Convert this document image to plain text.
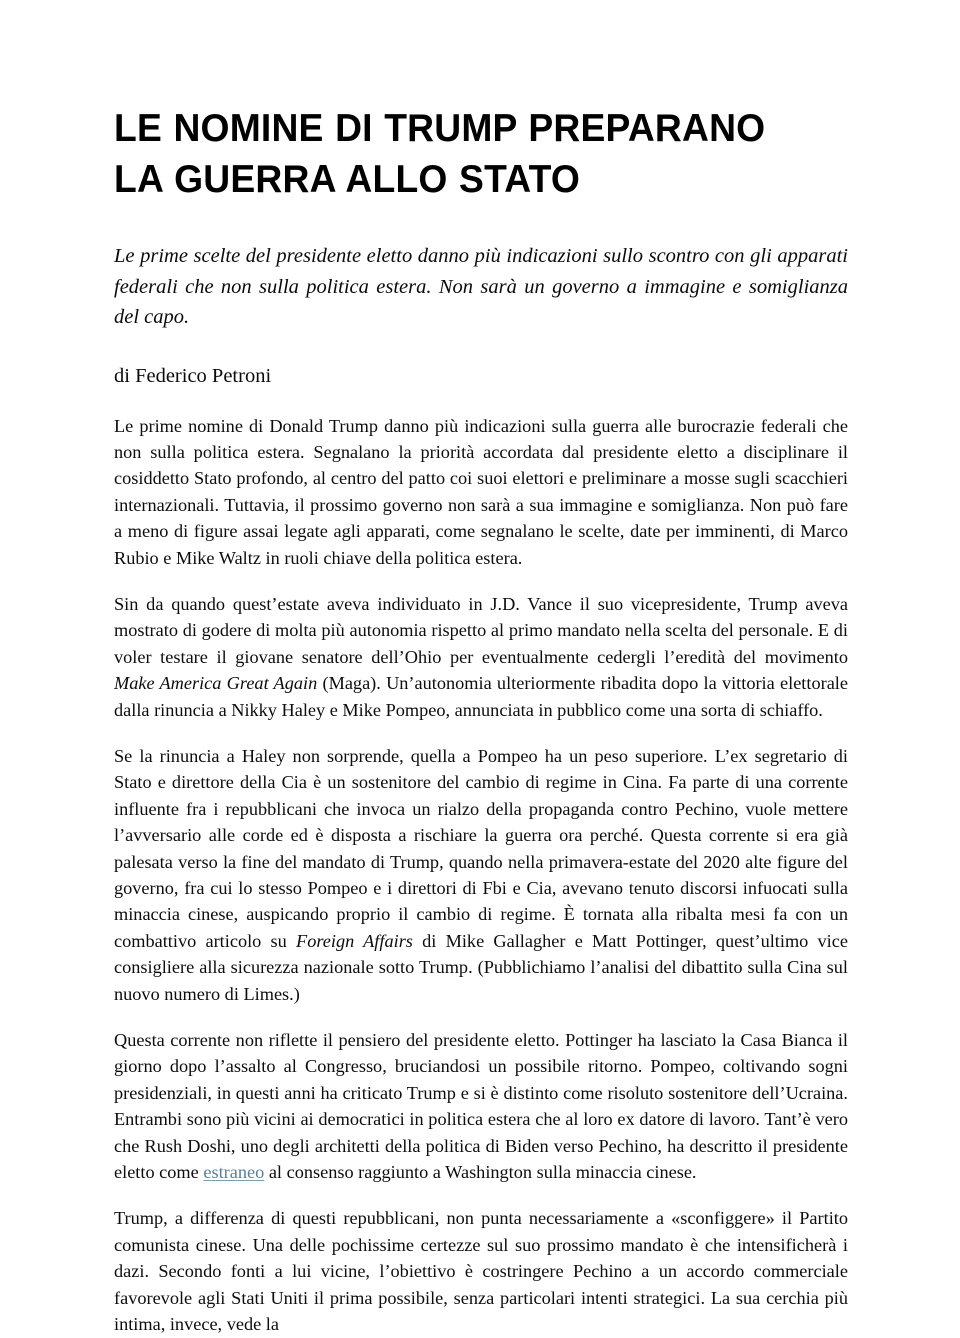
LE NOMINE DI TRUMP PREPARANO LA GUERRA ALLO STATO

Le prime scelte del presidente eletto danno più indicazioni sullo scontro con gli apparati federali che non sulla politica estera. Non sarà un governo a immagine e somiglianza del capo.

di Federico Petroni

Le prime nomine di Donald Trump danno più indicazioni sulla guerra alle burocrazie federali che non sulla politica estera. Segnalano la priorità accordata dal presidente eletto a disciplinare il cosiddetto Stato profondo, al centro del patto coi suoi elettori e preliminare a mosse sugli scacchieri internazionali. Tuttavia, il prossimo governo non sarà a sua immagine e somiglianza. Non può fare a meno di figure assai legate agli apparati, come segnalano le scelte, date per imminenti, di Marco Rubio e Mike Waltz in ruoli chiave della politica estera.

Sin da quando quest’estate aveva individuato in J.D. Vance il suo vicepresidente, Trump aveva mostrato di godere di molta più autonomia rispetto al primo mandato nella scelta del personale. E di voler testare il giovane senatore dell’Ohio per eventualmente cedergli l’eredità del movimento Make America Great Again (Maga). Un’autonomia ulteriormente ribadita dopo la vittoria elettorale dalla rinuncia a Nikky Haley e Mike Pompeo, annunciata in pubblico come una sorta di schiaffo.

Se la rinuncia a Haley non sorprende, quella a Pompeo ha un peso superiore. L’ex segretario di Stato e direttore della Cia è un sostenitore del cambio di regime in Cina. Fa parte di una corrente influente fra i repubblicani che invoca un rialzo della propaganda contro Pechino, vuole mettere l’avversario alle corde ed è disposta a rischiare la guerra ora perché. Questa corrente si era già palesata verso la fine del mandato di Trump, quando nella primavera-estate del 2020 alte figure del governo, fra cui lo stesso Pompeo e i direttori di Fbi e Cia, avevano tenuto discorsi infuocati sulla minaccia cinese, auspicando proprio il cambio di regime. È tornata alla ribalta mesi fa con un combattivo articolo su Foreign Affairs di Mike Gallagher e Matt Pottinger, quest’ultimo vice consigliere alla sicurezza nazionale sotto Trump. (Pubblichiamo l’analisi del dibattito sulla Cina sul nuovo numero di Limes.)

Questa corrente non riflette il pensiero del presidente eletto. Pottinger ha lasciato la Casa Bianca il giorno dopo l’assalto al Congresso, bruciandosi un possibile ritorno. Pompeo, coltivando sogni presidenziali, in questi anni ha criticato Trump e si è distinto come risoluto sostenitore dell’Ucraina. Entrambi sono più vicini ai democratici in politica estera che al loro ex datore di lavoro. Tant’è vero che Rush Doshi, uno degli architetti della politica di Biden verso Pechino, ha descritto il presidente eletto come estraneo al consenso raggiunto a Washington sulla minaccia cinese.

Trump, a differenza di questi repubblicani, non punta necessariamente a «sconfiggere» il Partito comunista cinese. Una delle pochissime certezze sul suo prossimo mandato è che intensificherà i dazi. Secondo fonti a lui vicine, l’obiettivo è costringere Pechino a un accordo commerciale favorevole agli Stati Uniti il prima possibile, senza particolari intenti strategici. La sua cerchia più intima, invece, vede la
